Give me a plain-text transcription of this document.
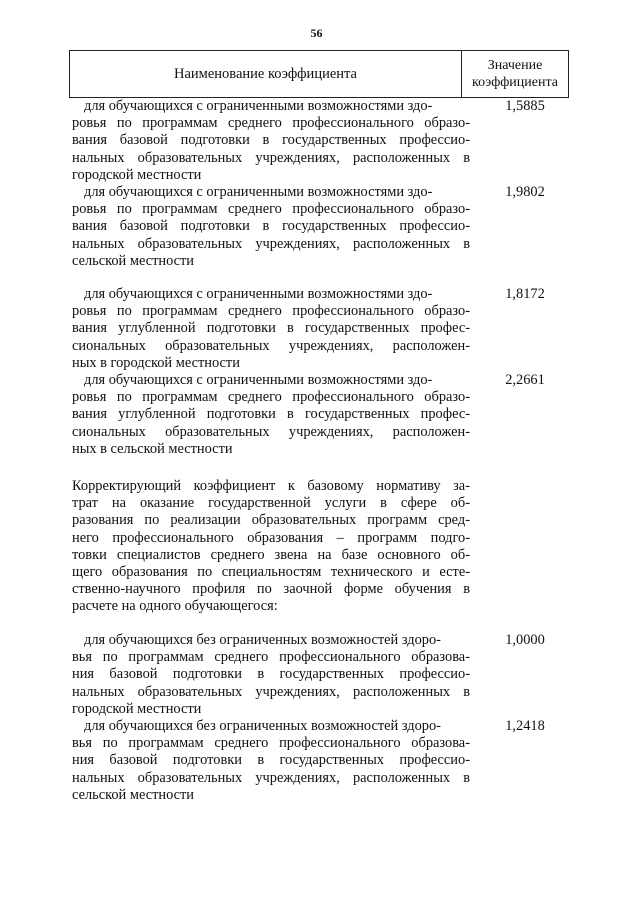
56
Наименование коэффициента	Значение
коэффициента
для обучающихся с ограниченными возможностями здо-
ровья по программам среднего профессионального образо-
вания базовой подготовки в государственных профессио-
нальных образовательных учреждениях, расположенных в
городской местности
1,5885
для обучающихся с ограниченными возможностями здо-
ровья по программам среднего профессионального образо-
вания базовой подготовки в государственных профессио-
нальных образовательных учреждениях, расположенных в
сельской местности
1,9802
для обучающихся с ограниченными возможностями здо-
ровья по программам среднего профессионального образо-
вания углубленной подготовки в государственных профес-
сиональных образовательных учреждениях, расположен-
ных в городской местности
1,8172
для обучающихся с ограниченными возможностями здо-
ровья по программам среднего профессионального образо-
вания углубленной подготовки в государственных профес-
сиональных образовательных учреждениях, расположен-
ных в сельской местности
2,2661
Корректирующий коэффициент к базовому нормативу за-
трат на оказание государственной услуги в сфере об-
разования по реализации образовательных программ сред-
него профессионального образования – программ подго-
товки специалистов среднего звена на базе основного об-
щего образования по специальностям технического и есте-
ственно-научного профиля по заочной форме обучения в
расчете на одного обучающегося:
для обучающихся без ограниченных возможностей здоро-
вья по программам среднего профессионального образова-
ния базовой подготовки в государственных профессио-
нальных образовательных учреждениях, расположенных в
городской местности
1,0000
для обучающихся без ограниченных возможностей здоро-
вья по программам среднего профессионального образова-
ния базовой подготовки в государственных профессио-
нальных образовательных учреждениях, расположенных в
сельской местности
1,2418
